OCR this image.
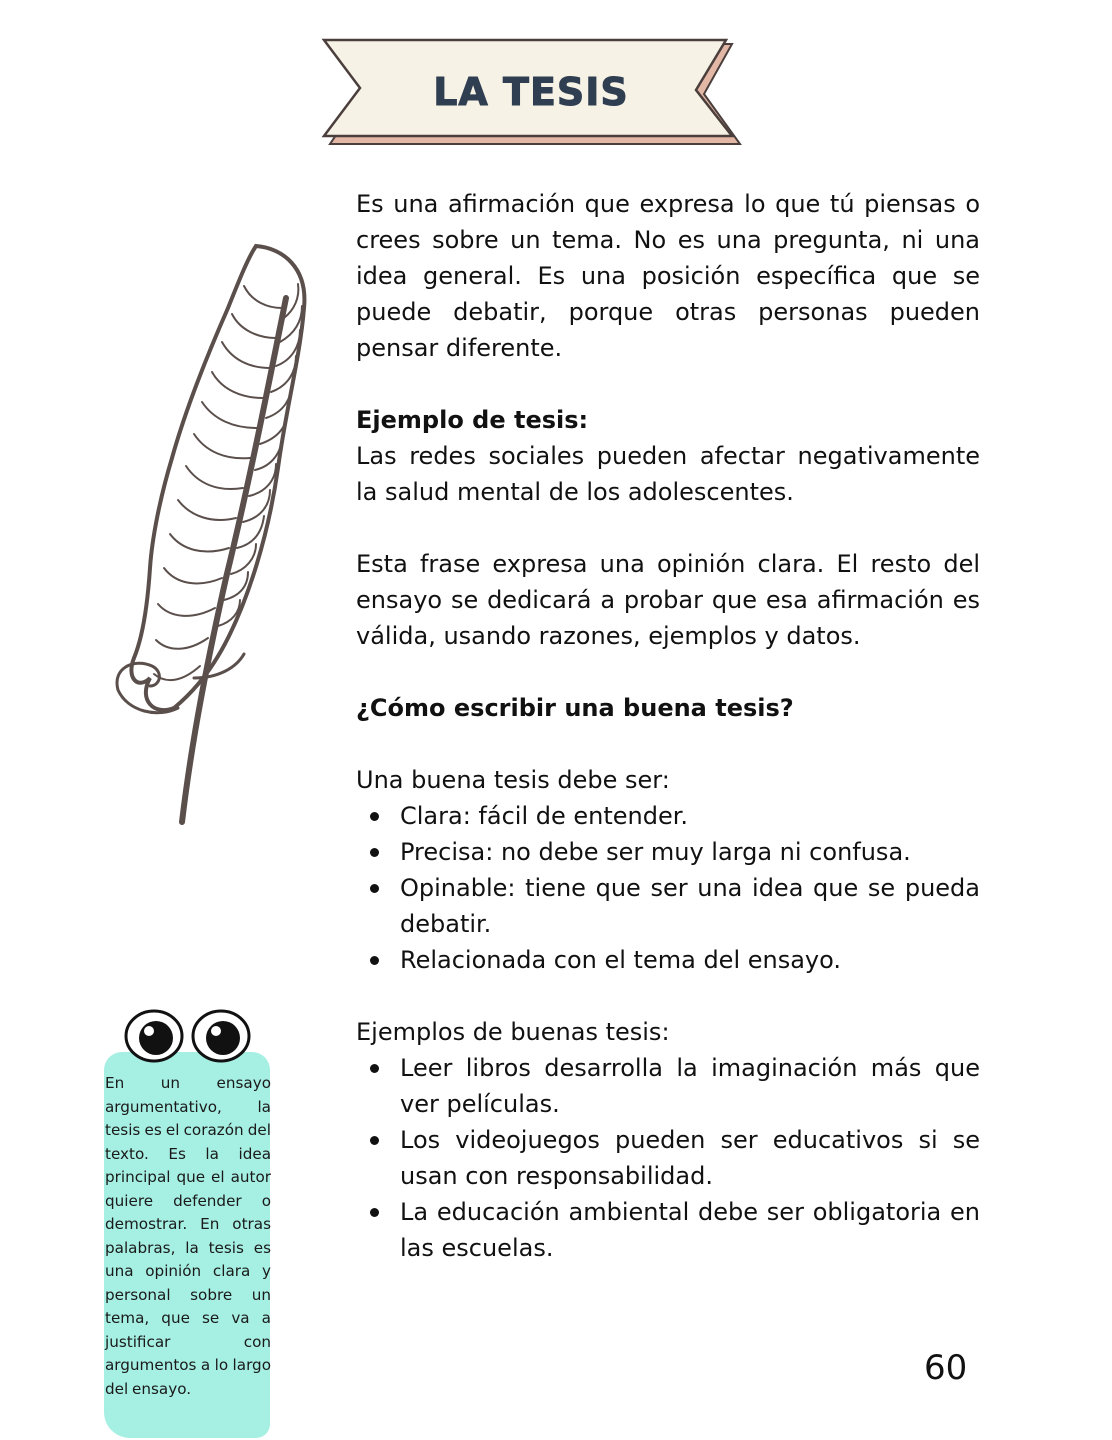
LA TESIS

Es una afirmación que expresa lo que tú piensas o crees sobre un tema. No es una pregunta, ni una idea general. Es una posición específica que se puede debatir, porque otras personas pueden pensar diferente.

Ejemplo de tesis:

Las redes sociales pueden afectar negativamente la salud mental de los adolescentes.

Esta frase expresa una opinión clara. El resto del ensayo se dedicará a probar que esa afirmación es válida, usando razones, ejemplos y datos.

¿Cómo escribir una buena tesis?

Una buena tesis debe ser:

Clara: fácil de entender.
Precisa: no debe ser muy larga ni confusa.
Opinable: tiene que ser una idea que se pueda debatir.
Relacionada con el tema del ensayo.

Ejemplos de buenas tesis:

Leer libros desarrolla la imaginación más que ver películas.
Los videojuegos pueden ser educativos si se usan con responsabilidad.
La educación ambiental debe ser obligatoria en las escuelas.

En un ensayo argumentativo, la tesis es el corazón del texto. Es la idea principal que el autor quiere defender o demostrar. En otras palabras, la tesis es una opinión clara y personal sobre un tema, que se va a justificar con argumentos a lo largo del ensayo.

60
